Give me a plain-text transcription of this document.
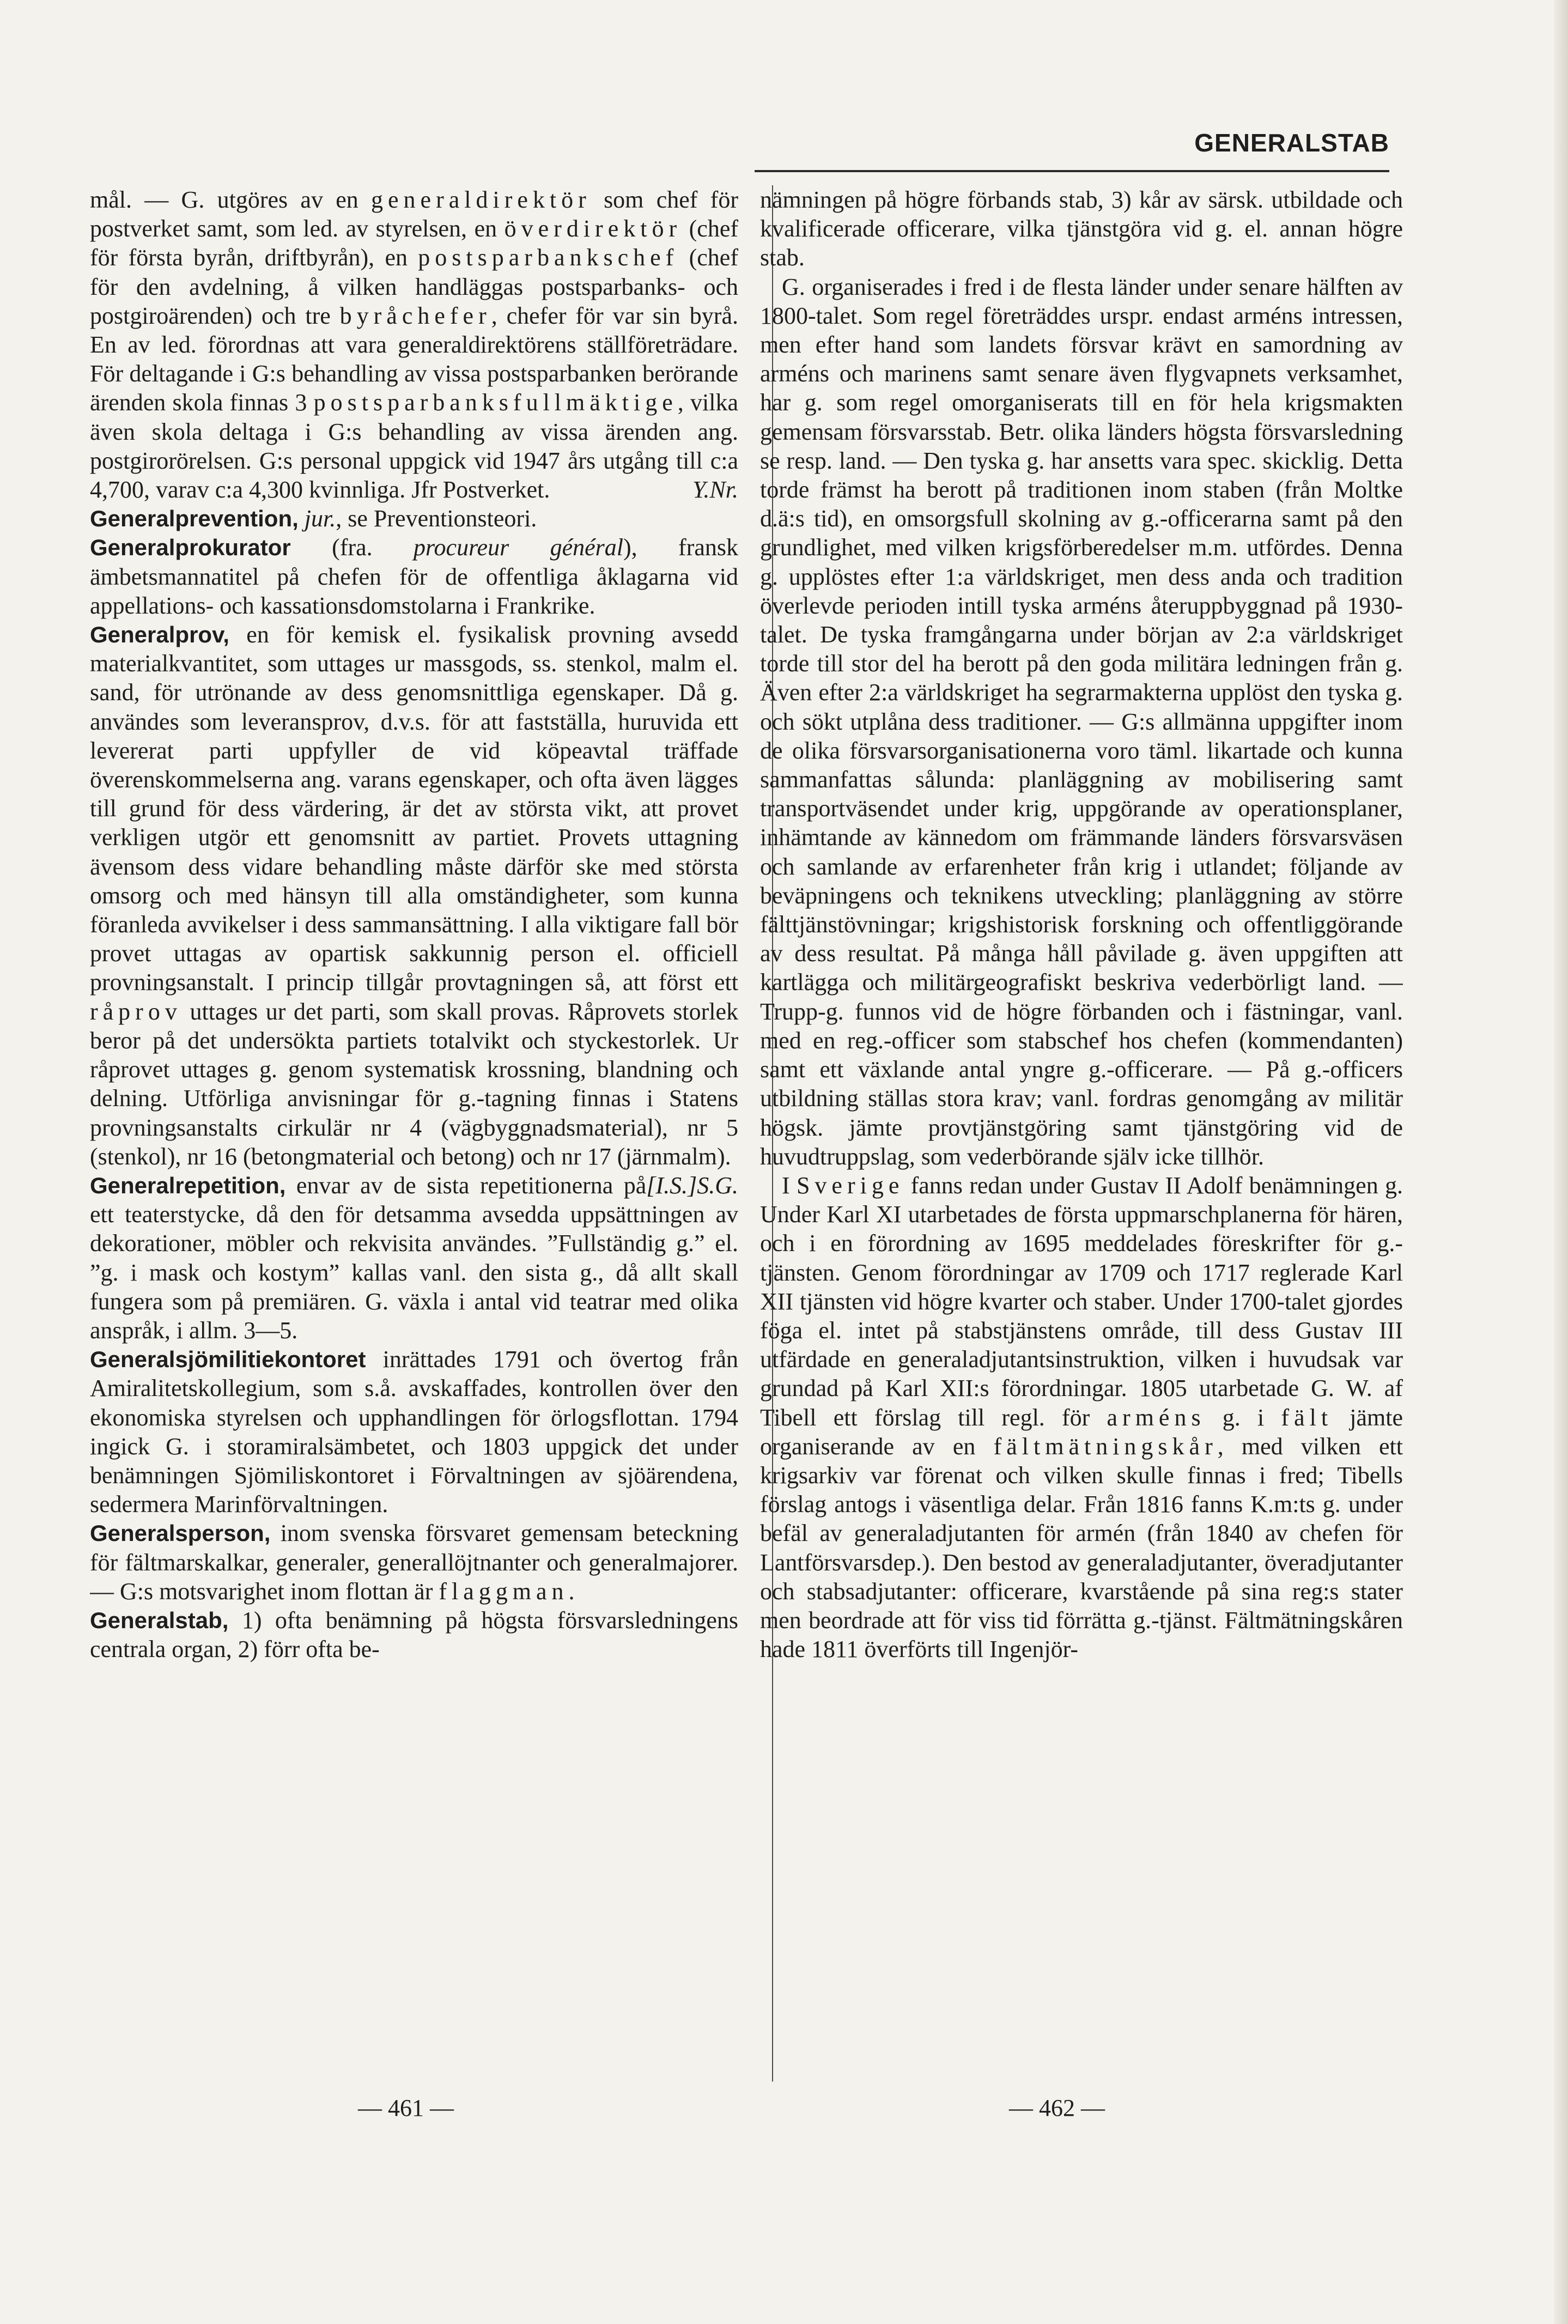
GENERALSTAB

mål. — G. utgöres av en generaldirektör som chef för postverket samt, som led. av styrelsen, en överdirektör (chef för första byrån, driftbyrån), en postsparbankschef (chef för den avdelning, å vilken handläggas postsparbanks- och postgiroärenden) och tre byråchefer, chefer för var sin byrå. En av led. förordnas att vara generaldirektörens ställföreträdare. För deltagande i G:s behandling av vissa postsparbanken berörande ärenden skola finnas 3 postsparbanksfullmäktige, vilka även skola deltaga i G:s behandling av vissa ärenden ang. postgirorörelsen. G:s personal uppgick vid 1947 års utgång till c:a 4,700, varav c:a 4,300 kvinnliga. Jfr Postverket.	Y.Nr.

Generalprevention, jur., se Preventionsteori.

Generalprokurator (fra. procureur général), fransk ämbetsmannatitel på chefen för de offentliga åklagarna vid appellations- och kassationsdomstolarna i Frankrike.

Generalprov, en för kemisk el. fysikalisk provning avsedd materialkvantitet, som uttages ur massgods, ss. stenkol, malm el. sand, för utrönande av dess genomsnittliga egenskaper. Då g. användes som leveransprov, d.v.s. för att fastställa, huruvida ett levererat parti uppfyller de vid köpeavtal träffade överenskommelserna ang. varans egenskaper, och ofta även lägges till grund för dess värdering, är det av största vikt, att provet verkligen utgör ett genomsnitt av partiet. Provets uttagning ävensom dess vidare behandling måste därför ske med största omsorg och med hänsyn till alla omständigheter, som kunna föranleda avvikelser i dess sammansättning. I alla viktigare fall bör provet uttagas av opartisk sakkunnig person el. officiell provningsanstalt. I princip tillgår provtagningen så, att först ett råprov uttages ur det parti, som skall provas. Råprovets storlek beror på det undersökta partiets totalvikt och styckestorlek. Ur råprovet uttages g. genom systematisk krossning, blandning och delning. Utförliga anvisningar för g.-tagning finnas i Statens provningsanstalts cirkulär nr 4 (vägbyggnadsmaterial), nr 5 (stenkol), nr 16 (betongmaterial och betong) och nr 17 (järnmalm).
[I.S.]S.G.

Generalrepetition, envar av de sista repetitionerna på ett teaterstycke, då den för detsamma avsedda uppsättningen av dekorationer, möbler och rekvisita användes. ”Fullständig g.” el. ”g. i mask och kostym” kallas vanl. den sista g., då allt skall fungera som på premiären. G. växla i antal vid teatrar med olika anspråk, i allm. 3—5.

Generalsjömilitiekontoret inrättades 1791 och övertog från Amiralitetskollegium, som s.å. avskaffades, kontrollen över den ekonomiska styrelsen och upphandlingen för örlogsflottan. 1794 ingick G. i storamiralsämbetet, och 1803 uppgick det under benämningen Sjömiliskontoret i Förvaltningen av sjöärendena, sedermera Marinförvaltningen.

Generalsperson, inom svenska försvaret gemensam beteckning för fältmarskalkar, generaler, generallöjtnanter och generalmajorer. — G:s motsvarighet inom flottan är flaggman.

Generalstab, 1) ofta benämning på högsta försvarsledningens centrala organ, 2) förr ofta be-

nämningen på högre förbands stab, 3) kår av särsk. utbildade och kvalificerade officerare, vilka tjänstgöra vid g. el. annan högre stab.

G. organiserades i fred i de flesta länder under senare hälften av 1800-talet. Som regel företräddes urspr. endast arméns intressen, men efter hand som landets försvar krävt en samordning av arméns och marinens samt senare även flygvapnets verksamhet, har g. som regel omorganiserats till en för hela krigsmakten gemensam försvarsstab. Betr. olika länders högsta försvarsledning se resp. land. — Den tyska g. har ansetts vara spec. skicklig. Detta torde främst ha berott på traditionen inom staben (från Moltke d.ä:s tid), en omsorgsfull skolning av g.-officerarna samt på den grundlighet, med vilken krigsförberedelser m.m. utfördes. Denna g. upplöstes efter 1:a världskriget, men dess anda och tradition överlevde perioden intill tyska arméns återuppbyggnad på 1930-talet. De tyska framgångarna under början av 2:a världskriget torde till stor del ha berott på den goda militära ledningen från g. Även efter 2:a världskriget ha segrarmakterna upplöst den tyska g. och sökt utplåna dess traditioner. — G:s allmänna uppgifter inom de olika försvarsorganisationerna voro täml. likartade och kunna sammanfattas sålunda: planläggning av mobilisering samt transportväsendet under krig, uppgörande av operationsplaner, inhämtande av kännedom om främmande länders försvarsväsen och samlande av erfarenheter från krig i utlandet; följande av beväpningens och teknikens utveckling; planläggning av större fälttjänstövningar; krigshistorisk forskning och offentliggörande av dess resultat. På många håll påvilade g. även uppgiften att kartlägga och militärgeografiskt beskriva vederbörligt land. — Trupp-g. funnos vid de högre förbanden och i fästningar, vanl. med en reg.-officer som stabschef hos chefen (kommendanten) samt ett växlande antal yngre g.-officerare. — På g.-officers utbildning ställas stora krav; vanl. fordras genomgång av militär högsk. jämte provtjänstgöring samt tjänstgöring vid de huvudtruppslag, som vederbörande själv icke tillhör.

I Sverige fanns redan under Gustav II Adolf benämningen g. Under Karl XI utarbetades de första uppmarschplanerna för hären, och i en förordning av 1695 meddelades föreskrifter för g.-tjänsten. Genom förordningar av 1709 och 1717 reglerade Karl XII tjänsten vid högre kvarter och staber. Under 1700-talet gjordes föga el. intet på stabstjänstens område, till dess Gustav III utfärdade en generaladjutantsinstruktion, vilken i huvudsak var grundad på Karl XII:s förordningar. 1805 utarbetade G. W. af Tibell ett förslag till regl. för arméns g. i fält jämte organiserande av en fältmätningskår, med vilken ett krigsarkiv var förenat och vilken skulle finnas i fred; Tibells förslag antogs i väsentliga delar. Från 1816 fanns K.m:ts g. under befäl av generaladjutanten för armén (från 1840 av chefen för Lantförsvarsdep.). Den bestod av generaladjutanter, överadjutanter och stabsadjutanter: officerare, kvarstående på sina reg:s stater men beordrade att för viss tid förrätta g.-tjänst. Fältmätningskåren hade 1811 överförts till Ingenjör-

— 461 —	— 462 —
